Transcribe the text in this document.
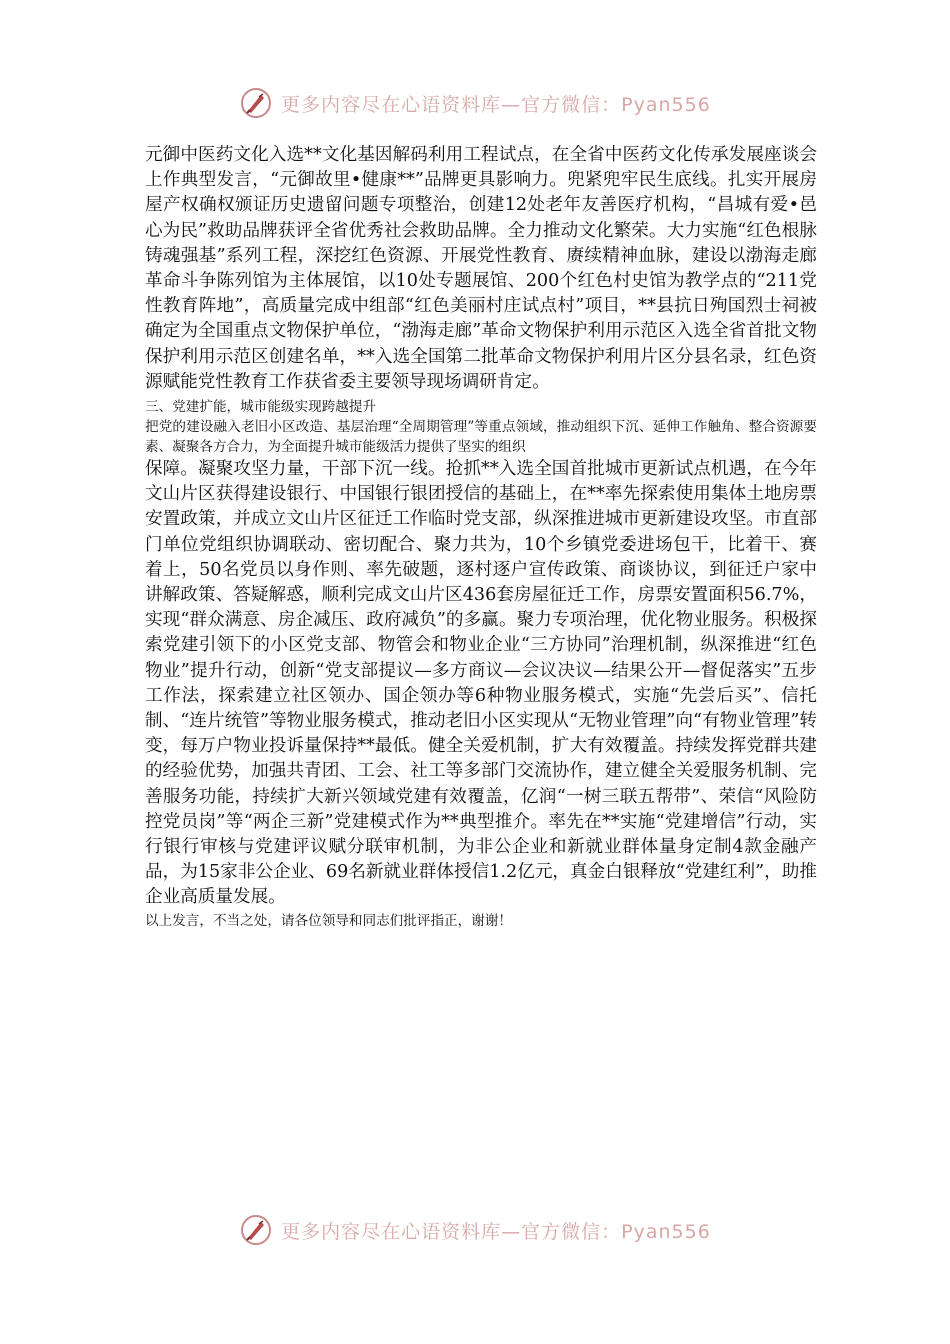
更多内容尽在心语资料库—官方微信：Pyan556

元御中医药文化入选**文化基因解码利用工程试点，在全省中医药文化传承发展座谈会上作典型发言，“元御故里•健康**”品牌更具影响力。兜紧兜牢民生底线。扎实开展房屋产权确权颁证历史遗留问题专项整治，创建12处老年友善医疗机构，“昌城有爱•邑心为民”救助品牌获评全省优秀社会救助品牌。全力推动文化繁荣。大力实施“红色根脉铸魂强基”系列工程，深挖红色资源、开展党性教育、赓续精神血脉，建设以渤海走廊革命斗争陈列馆为主体展馆，以10处专题展馆、200个红色村史馆为教学点的“211党性教育阵地”，高质量完成中组部“红色美丽村庄试点村”项目，**县抗日殉国烈士祠被确定为全国重点文物保护单位，“渤海走廊”革命文物保护利用示范区入选全省首批文物保护利用示范区创建名单，**入选全国第二批革命文物保护利用片区分县名录，红色资源赋能党性教育工作获省委主要领导现场调研肯定。

三、党建扩能，城市能级实现跨越提升

把党的建设融入老旧小区改造、基层治理“全周期管理”等重点领域，推动组织下沉、延伸工作触角、整合资源要素、凝聚各方合力，为全面提升城市能级活力提供了坚实的组织

保障。凝聚攻坚力量，干部下沉一线。抢抓**入选全国首批城市更新试点机遇，在今年文山片区获得建设银行、中国银行银团授信的基础上，在**率先探索使用集体土地房票安置政策，并成立文山片区征迁工作临时党支部，纵深推进城市更新建设攻坚。市直部门单位党组织协调联动、密切配合、聚力共为，10个乡镇党委进场包干，比着干、赛着上，50名党员以身作则、率先破题，逐村逐户宣传政策、商谈协议，到征迁户家中讲解政策、答疑解惑，顺利完成文山片区436套房屋征迁工作，房票安置面积56.7%，实现“群众满意、房企减压、政府减负”的多赢。聚力专项治理，优化物业服务。积极探索党建引领下的小区党支部、物管会和物业企业“三方协同”治理机制，纵深推进“红色物业”提升行动，创新“党支部提议—多方商议—会议决议—结果公开—督促落实”五步工作法，探索建立社区领办、国企领办等6种物业服务模式，实施“先尝后买”、信托制、“连片统管”等物业服务模式，推动老旧小区实现从“无物业管理”向“有物业管理”转变，每万户物业投诉量保持**最低。健全关爱机制，扩大有效覆盖。持续发挥党群共建的经验优势，加强共青团、工会、社工等多部门交流协作，建立健全关爱服务机制、完善服务功能，持续扩大新兴领域党建有效覆盖，亿润“一树三联五帮带”、荣信“风险防控党员岗”等“两企三新”党建模式作为**典型推介。率先在**实施“党建增信”行动，实行银行审核与党建评议赋分联审机制，为非公企业和新就业群体量身定制4款金融产品，为15家非公企业、69名新就业群体授信1.2亿元，真金白银释放“党建红利”，助推企业高质量发展。

以上发言，不当之处，请各位领导和同志们批评指正，谢谢！

更多内容尽在心语资料库—官方微信：Pyan556
